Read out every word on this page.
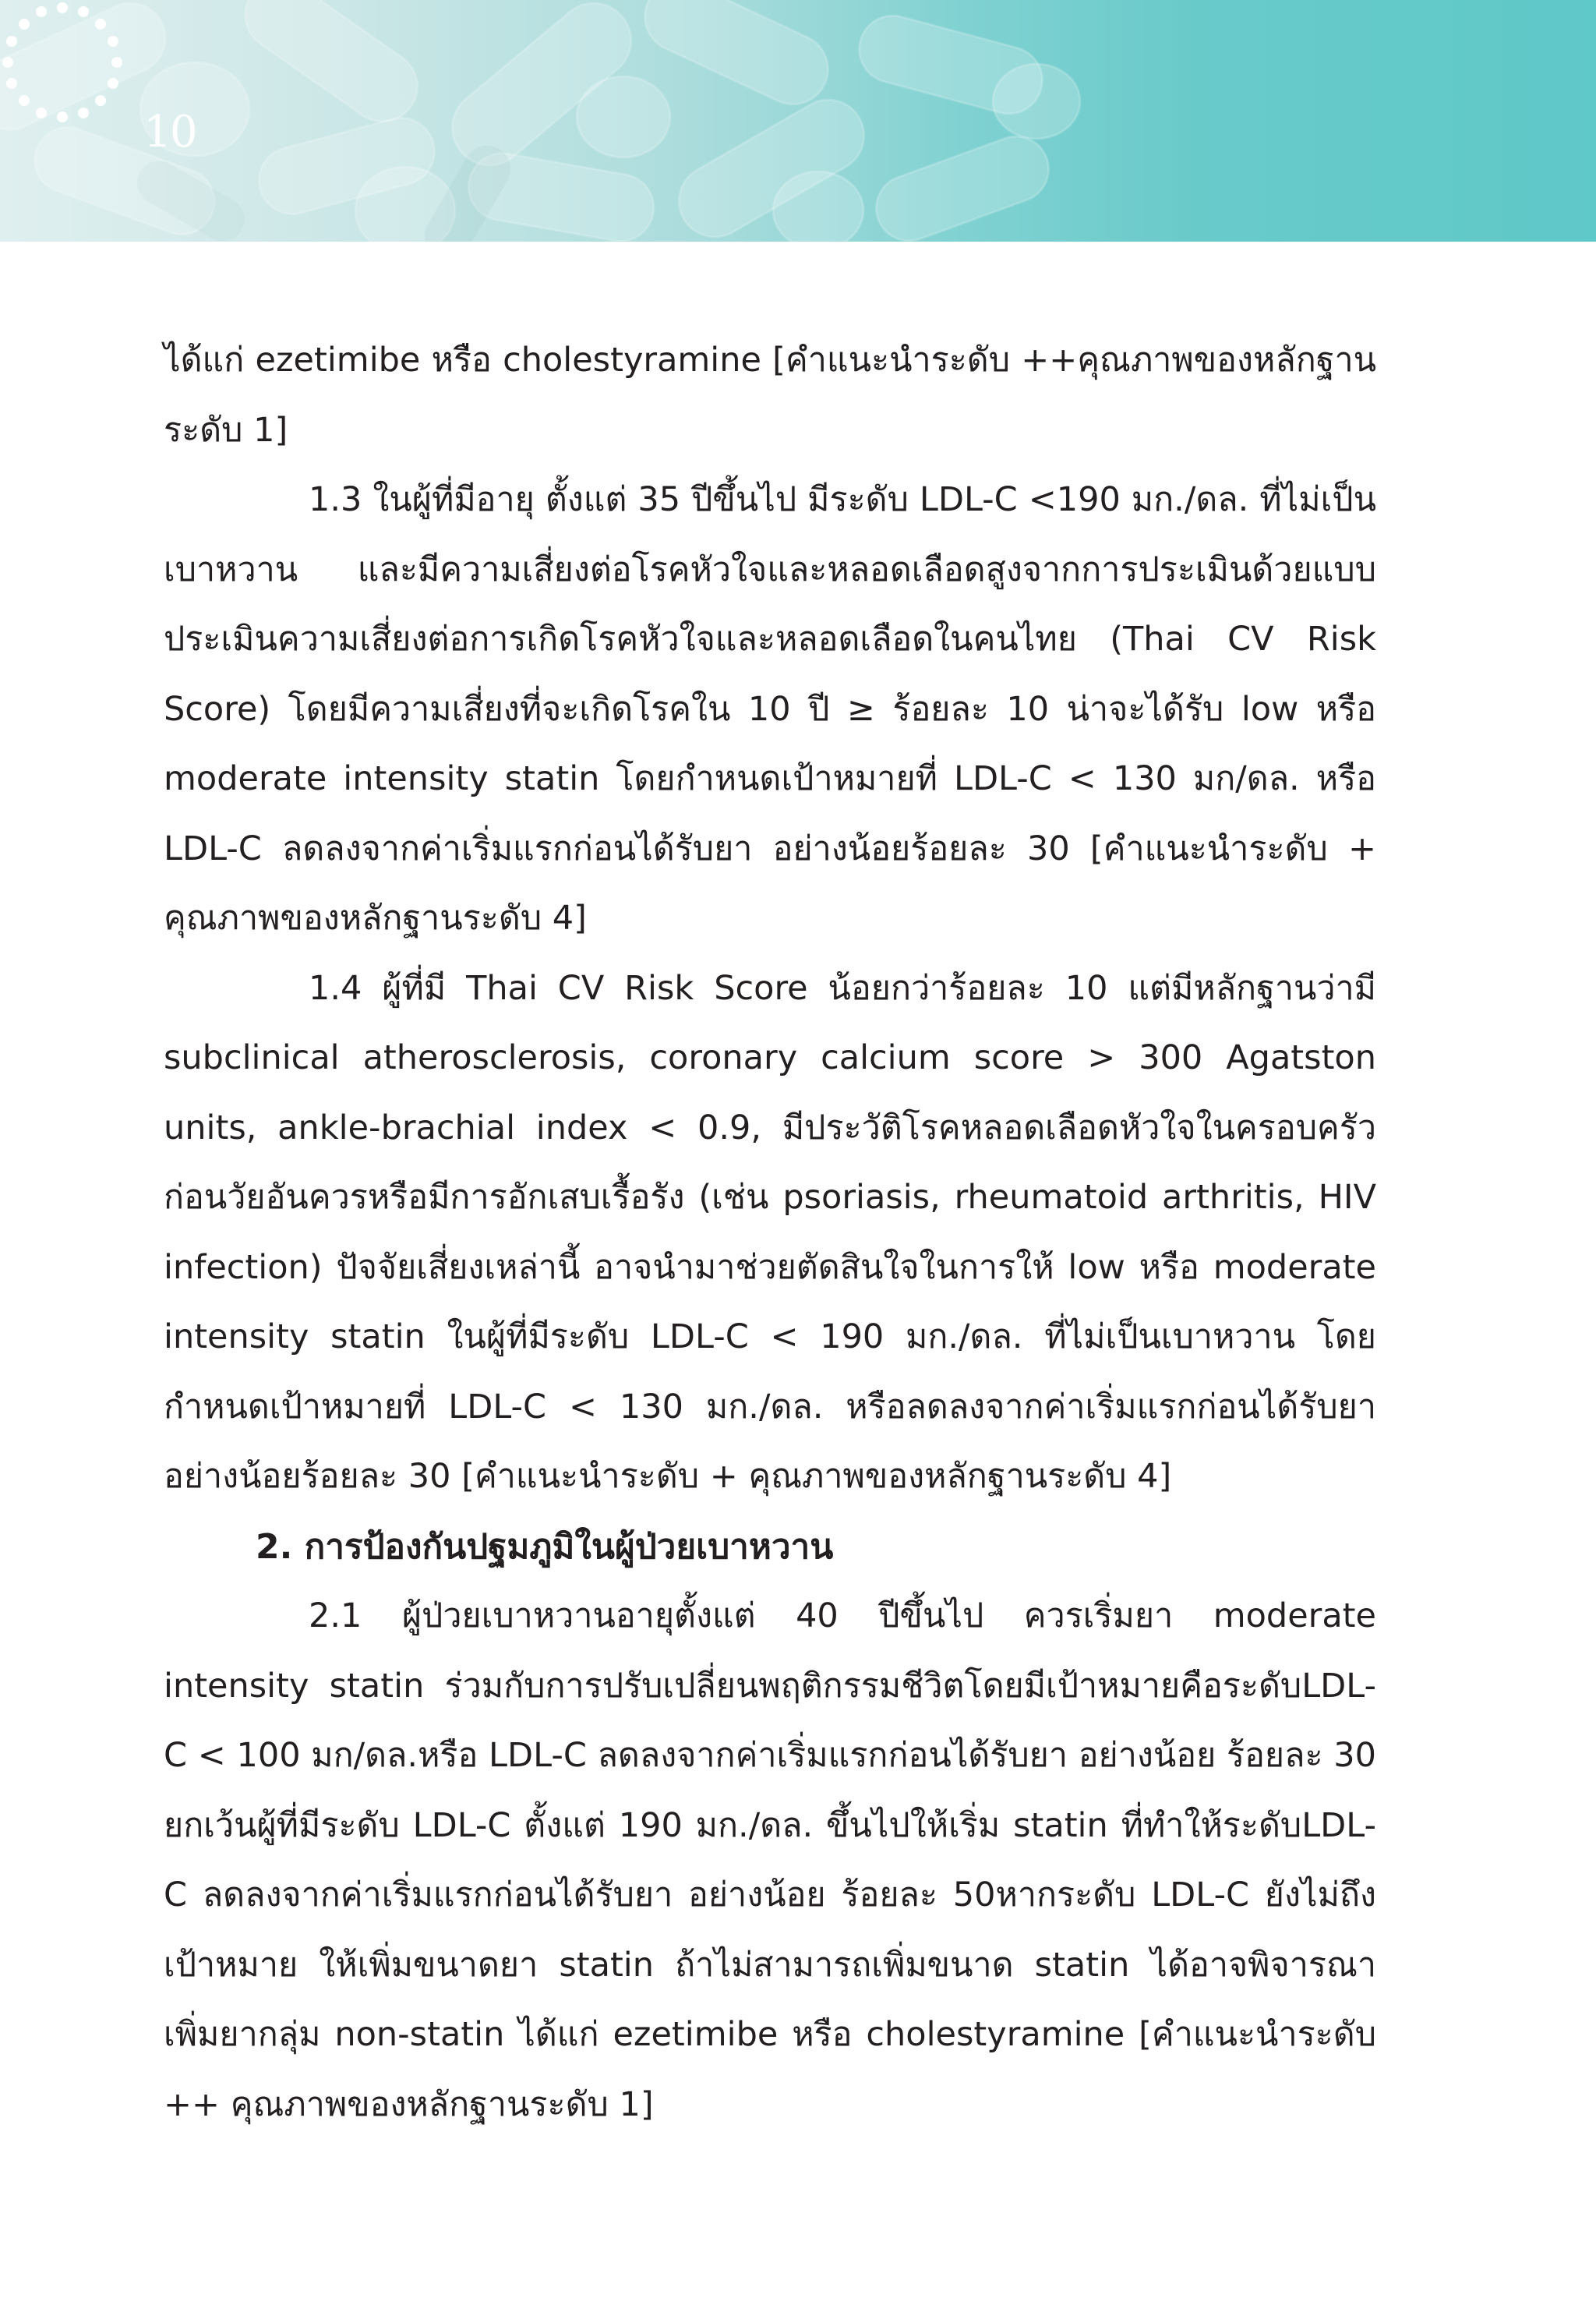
10

ได้แก่ ezetimibe หรือ cholestyramine [คำแนะนำระดับ ++คุณภาพของหลักฐานระดับ 1]

1.3 ในผู้ที่มีอายุ ตั้งแต่ 35 ปีขึ้นไป มีระดับ LDL-C <190 มก./ดล. ที่ไม่เป็นเบาหวาน และมีความเสี่ยงต่อโรคหัวใจและหลอดเลือดสูงจากการประเมินด้วยแบบประเมินความเสี่ยงต่อการเกิดโรคหัวใจและหลอดเลือดในคนไทย (Thai CV Risk Score) โดยมีความเสี่ยงที่จะเกิดโรคใน 10 ปี ≥ ร้อยละ 10 น่าจะได้รับ low หรือ moderate intensity statin โดยกำหนดเป้าหมายที่ LDL-C < 130 มก/ดล. หรือ LDL-C ลดลงจากค่าเริ่มแรกก่อนได้รับยา อย่างน้อยร้อยละ 30 [คำแนะนำระดับ + คุณภาพของหลักฐานระดับ 4]

1.4 ผู้ที่มี Thai CV Risk Score น้อยกว่าร้อยละ 10 แต่มีหลักฐานว่ามี subclinical atherosclerosis, coronary calcium score > 300 Agatston units, ankle-brachial index < 0.9, มีประวัติโรคหลอดเลือดหัวใจในครอบครัวก่อนวัยอันควรหรือมีการอักเสบเรื้อรัง (เช่น psoriasis, rheumatoid arthritis, HIV infection) ปัจจัยเสี่ยงเหล่านี้ อาจนำมาช่วยตัดสินใจในการให้ low หรือ moderate intensity statin ในผู้ที่มีระดับ LDL-C < 190 มก./ดล. ที่ไม่เป็นเบาหวาน โดยกำหนดเป้าหมายที่ LDL-C < 130 มก./ดล. หรือลดลงจากค่าเริ่มแรกก่อนได้รับยาอย่างน้อยร้อยละ 30 [คำแนะนำระดับ + คุณภาพของหลักฐานระดับ 4]

2. การป้องกันปฐมภูมิในผู้ป่วยเบาหวาน

2.1 ผู้ป่วยเบาหวานอายุตั้งแต่ 40 ปีขึ้นไป ควรเริ่มยา moderate intensity statin ร่วมกับการปรับเปลี่ยนพฤติกรรมชีวิตโดยมีเป้าหมายคือระดับLDL-C < 100 มก/ดล.หรือ LDL-C ลดลงจากค่าเริ่มแรกก่อนได้รับยา อย่างน้อย ร้อยละ 30 ยกเว้นผู้ที่มีระดับ LDL-C ตั้งแต่ 190 มก./ดล. ขึ้นไปให้เริ่ม statin ที่ทำให้ระดับLDL-C ลดลงจากค่าเริ่มแรกก่อนได้รับยา อย่างน้อย ร้อยละ 50หากระดับ LDL-C ยังไม่ถึงเป้าหมาย ให้เพิ่มขนาดยา statin ถ้าไม่สามารถเพิ่มขนาด statin ได้อาจพิจารณาเพิ่มยากลุ่ม non-statin ได้แก่ ezetimibe หรือ cholestyramine [คำแนะนำระดับ ++ คุณภาพของหลักฐานระดับ 1]
